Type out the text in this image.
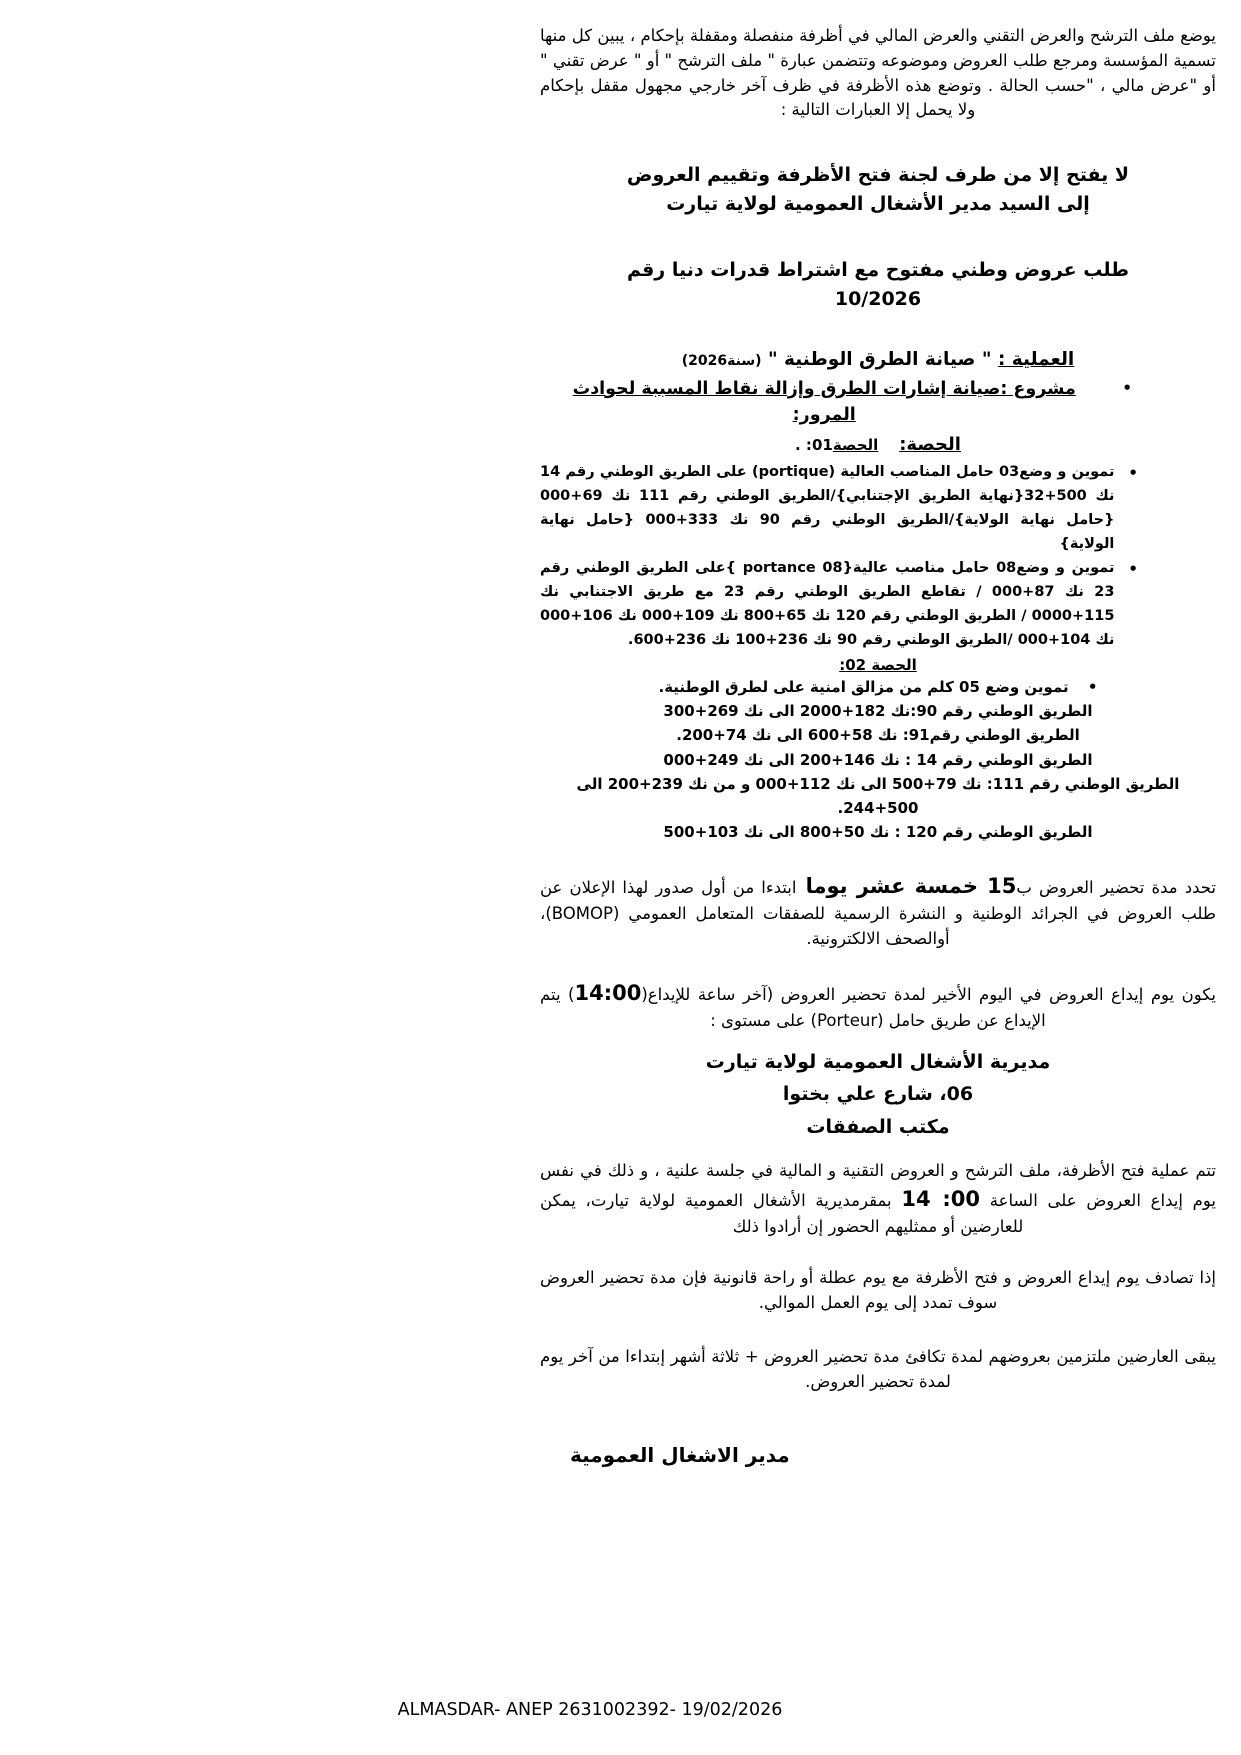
يوضع ملف الترشح والعرض التقني والعرض المالي في أظرفة منفصلة ومقفلة بإحكام ، يبين كل منها تسمية المؤسسة ومرجع طلب العروض وموضوعه وتتضمن عبارة " ملف الترشح " أو " عرض تقني " أو "عرض مالي ، "حسب الحالة . وتوضع هذه الأظرفة في ظرف آخر خارجي مجهول مقفل بإحكام ولا يحمل إلا العبارات التالية :

لا يفتح إلا من طرف لجنة فتح الأظرفة وتقييم العروض
إلى السيد مدير الأشغال العمومية لولاية تيارت
طلب عروض وطني مفتوح مع اشتراط قدرات دنيا رقم
10/2026
العملية : " صيانة الطرق الوطنية " (سنة2026)
•
مشروع :صيانة إشارات الطرق وإزالة نقاط المسببة لحوادث
المرور:
الحصة:    الحصة01: .
•
تموين و وضع03 حامل المناصب العالية (portique) على الطريق الوطني رقم 14 نك 500+32{نهاية الطريق الإجتنابي}/الطريق الوطني رقم 111 نك 69+000 {حامل نهاية الولاية}/الطريق الوطني رقم 90 نك 333+000 {حامل نهاية الولاية}
•
تموين و وضع08 حامل مناصب عالية{portance 08 }على الطريق الوطني رقم 23 نك 87+000 / تقاطع الطريق الوطني رقم 23 مع طريق الاجتنابي نك 115+0000 / الطريق الوطني رقم 120 نك 65+800 نك 109+000 نك 106+000 نك 104+000 /الطريق الوطني رقم 90 نك 236+100 نك 236+600.
الحصة 02:

• تموين وضع 05 كلم من مزالق امنية على لطرق الوطنية.

الطريق الوطني رقم 90:نك 182+2000 الى نك 269+300

الطريق الوطني رقم91: نك 58+600 الى نك 74+200.

الطريق الوطني رقم 14 : نك 146+200 الى نك 249+000

الطريق الوطني رقم 111: نك 79+500 الى نك 112+000 و من نك 239+200 الى 500+244.

الطريق الوطني رقم 120 : نك 50+800 الى نك 103+500

تحدد مدة تحضير العروض ب15 خمسة عشر يوما ابتدءا من أول صدور لهذا الإعلان عن طلب العروض في الجرائد الوطنية و النشرة الرسمية للصفقات المتعامل العمومي (BOMOP)، أوالصحف الالكترونية.

يكون يوم إيداع العروض في اليوم الأخير لمدة تحضير العروض (آخر ساعة للإيداع(14:00) يتم الإيداع عن طريق حامل (Porteur) على مستوى :

مديرية الأشغال العمومية لولاية تيارت
06، شارع علي بختوا
مكتب الصفقات

تتم عملية فتح الأظرفة، ملف الترشح و العروض التقنية و المالية في جلسة علنية ، و ذلك في نفس يوم إيداع العروض على الساعة 00: 14 بمقرمديرية الأشغال العمومية لولاية تيارت، يمكن للعارضين أو ممثليهم الحضور إن أرادوا ذلك

إذا تصادف يوم إيداع العروض و فتح الأظرفة مع يوم عطلة أو راحة قانونية فإن مدة تحضير العروض سوف تمدد إلى يوم العمل الموالي.

يبقى العارضين ملتزمين بعروضهم لمدة تكافئ مدة تحضير العروض + ثلاثة أشهر إبتداءا من آخر يوم لمدة تحضير العروض.

مدير الاشغال العمومية
ALMASDAR- ANEP 2631002392- 19/02/2026
